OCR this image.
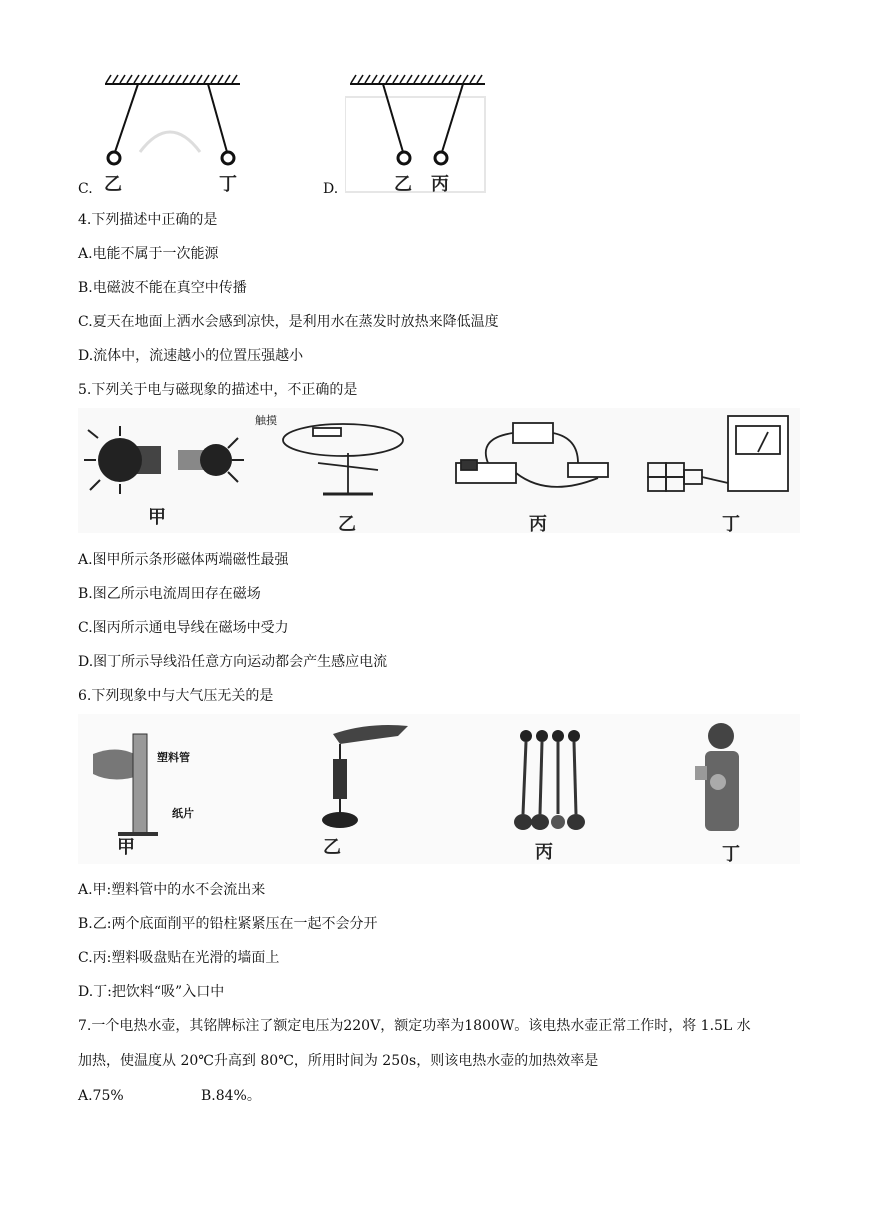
C. 乙	丁	D.	乙 丙
4.下列描述中正确的是
A.电能不属于一次能源
B.电磁波不能在真空中传播
C.夏天在地面上洒水会感到凉快，是利用水在蒸发时放热来降低温度
D.流体中，流速越小的位置压强越小
5.下列关于电与磁现象的描述中，不正确的是
触摸
甲	乙	丙	丁
A.图甲所示条形磁体两端磁性最强
B.图乙所示电流周田存在磁场
C.图丙所示通电导线在磁场中受力
D.图丁所示导线沿任意方向运动都会产生感应电流
6.下列现象中与大气压无关的是
塑料管
纸片
甲	乙	丙	丁
A.甲:塑料管中的水不会流出来
B.乙:两个底面削平的铅柱紧紧压在一起不会分开
C.丙:塑料吸盘贴在光滑的墙面上
D.丁:把饮料“吸”入口中
7.一个电热水壶，其铭牌标注了额定电压为220V，额定功率为1800W。该电热水壶正常工作时，将 1.5L 水
加热，使温度从 20℃升高到 80℃，所用时间为 250s，则该电热水壶的加热效率是
A.75%	B.84%。
